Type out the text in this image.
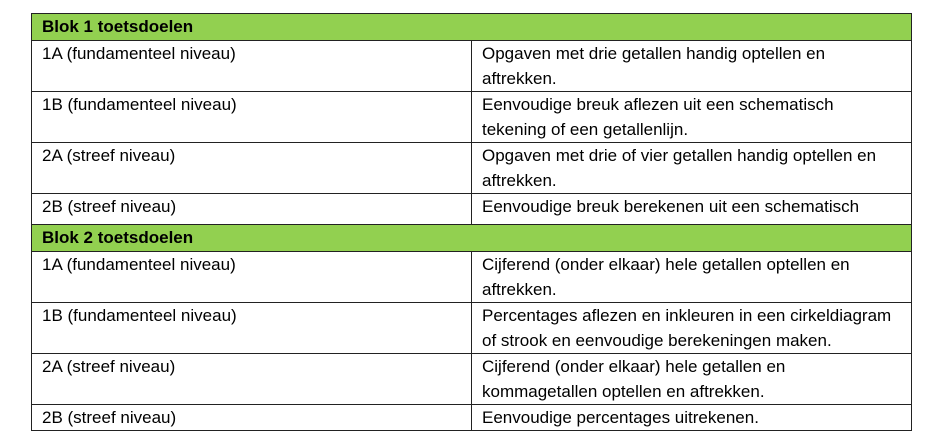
Blok 1 toetsdoelen	
1A (fundamenteel niveau)	Opgaven met drie getallen handig optellen en aftrekken.
1B (fundamenteel niveau)	Eenvoudige breuk aflezen uit een schematisch tekening of een getallenlijn.
2A (streef niveau)	Opgaven met drie of vier getallen handig optellen en aftrekken.
2B (streef niveau)	Eenvoudige breuk berekenen uit een schematisch
Blok 2 toetsdoelen	
1A (fundamenteel niveau)	Cijferend (onder elkaar) hele getallen optellen en aftrekken.
1B (fundamenteel niveau)	Percentages aflezen en inkleuren in een cirkeldiagram of strook en eenvoudige berekeningen maken.
2A (streef niveau)	Cijferend (onder elkaar) hele getallen en kommagetallen optellen en aftrekken.
2B (streef niveau)	Eenvoudige percentages uitrekenen.
